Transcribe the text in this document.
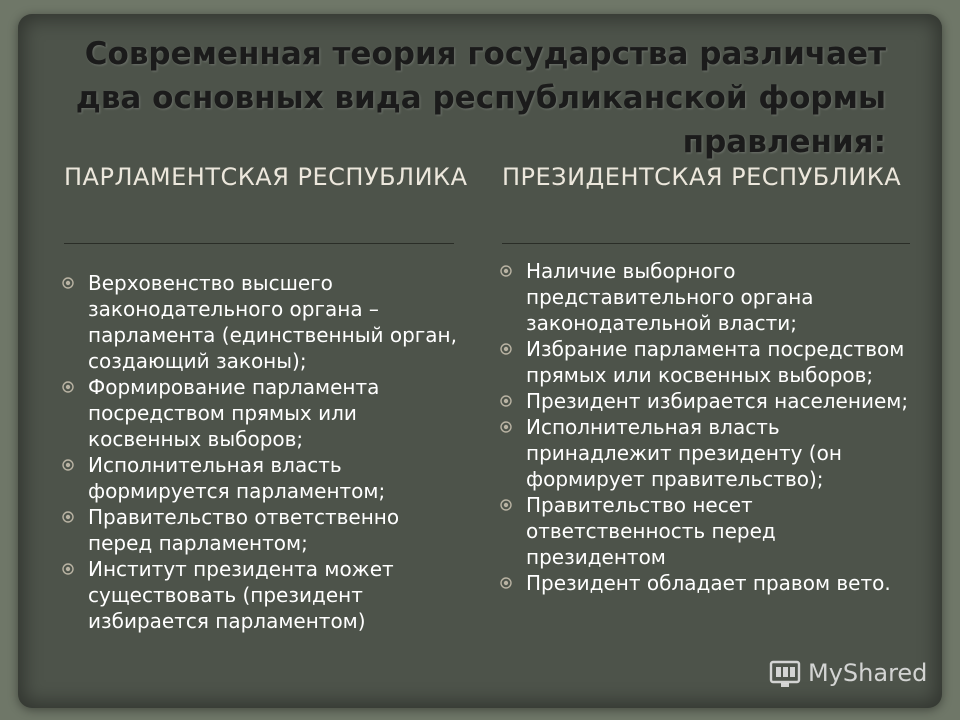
Современная теория государства различает два основных вида республиканской формы правления:
ПАРЛАМЕНТСКАЯ РЕСПУБЛИКА	ПРЕЗИДЕНТСКАЯ РЕСПУБЛИКА
Верховенство высшего законодательного органа – парламента (единственный орган, создающий законы);
Формирование парламента посредством прямых или косвенных выборов;
Исполнительная власть формируется парламентом;
Правительство ответственно перед парламентом;
Институт президента может существовать (президент избирается парламентом)
Наличие выборного представительного органа законодательной власти;
Избрание парламента посредством прямых или косвенных выборов;
Президент избирается населением;
Исполнительная власть принадлежит президенту (он формирует правительство);
Правительство несет ответственность перед президентом
Президент обладает правом вето.
MyShared
